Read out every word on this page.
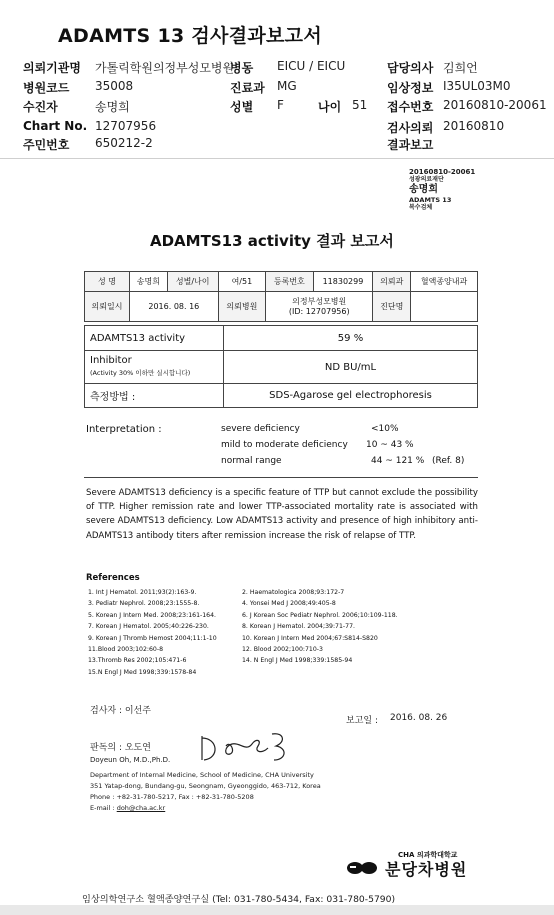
ADAMTS 13 검사결과보고서
의뢰기관명 가톨릭학원의정부성모병원
병동 EICU / EICU	담당의사 김희언
병원코드 35008	진료과 MG	임상정보 I35UL03M0
수진자	송명희	성별 F	나이 51 접수번호 20160810-20061
Chart No. 12707956	검사의뢰 20160810
주민번호 650212-2	결과보고
20160810-20061
성광의료재단
송명희
ADAMTS 13
복수검체
ADAMTS13 activity 결과 보고서
성 명	송명희	성별/나이	여/51	등록번호	11830299	의뢰과	혈액종양내과
의뢰일시	2016. 08. 16		의뢰병원	의정부성모병원
(ID: 12707956)		진단명	
ADAMTS13 activity	59 %

Inhibitor
(Activity 30% 이하만 실시합니다)	ND BU/mL
측정방법 :	SDS-Agarose gel electrophoresis
Interpretation :	severe deficiency	<10%
mild to moderate deficiency 10 ~ 43 %
normal range	44 ~ 121 % (Ref. 8)
Severe ADAMTS13 deficiency is a specific feature of TTP but cannot exclude the possibility of TTP. Higher remission rate and lower TTP-associated mortality rate is associated with severe ADAMTS13 deficiency. Low ADAMTS13 activity and presence of high inhibitory anti-ADAMTS13 antibody titers after remission increase the risk of relapse of TTP.
References
1. Int J Hematol. 2011;93(2):163-9.
3. Pediatr Nephrol. 2008;23:1555-8.
5. Korean J Intern Med. 2008;23:161-164.
7. Korean J Hematol. 2005;40:226-230.
9. Korean J Thromb Hemost 2004;11:1-10
11.Blood 2003;102:60-8
13.Thromb Res 2002;105:471-6
15.N Engl J Med 1998;339:1578-84
2. Haematologica 2008;93:172-7
4. Yonsei Med J 2008;49:405-8
6. J Korean Soc Pediatr Nephrol. 2006;10:109-118.
8. Korean J Hematol. 2004;39:71-77.
10. Korean J Intern Med 2004;67:S814-S820
12. Blood 2002;100:710-3
14. N Engl J Med 1998;339:1585-94
검사자 : 이선주
보고일 : 2016. 08. 26
판독의 : 오도연
Doyeun Oh, M.D.,Ph.D.
Department of Internal Medicine, School of Medicine, CHA University
351 Yatap-dong, Bundang-gu, Seongnam, Gyeonggido, 463-712, Korea
Phone : +82-31-780-5217, Fax : +82-31-780-5208
E-mail : doh@cha.ac.kr
CHA 의과학대학교
분당차병원
임상의학연구소 혈액종양연구실 (Tel: 031-780-5434, Fax: 031-780-5790)
